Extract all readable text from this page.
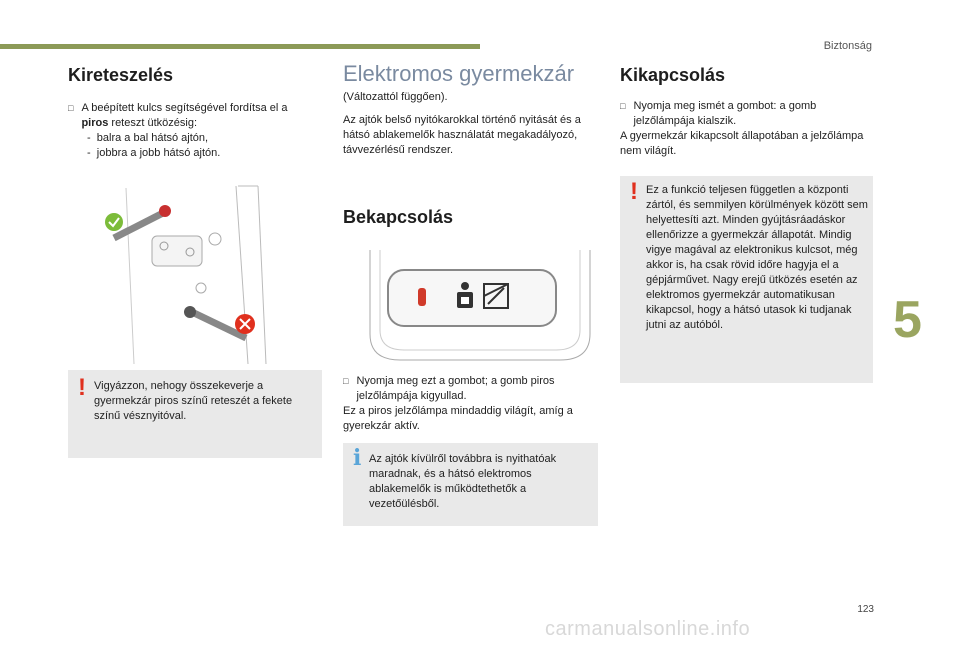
Biztonság
5
123
carmanualsonline.info
Kireteszelés
□ A beépített kulcs segítségével fordítsa el a
piros reteszt ütközésig:

-  balra a bal hátsó ajtón,

-  jobbra a jobb hátsó ajtón.

! Vigyázzon, nehogy összekeverje a gyermekzár piros színű reteszét a fekete színű vésznyitóval.

Elektromos gyermekzár

(Változattól függően).

Az ajtók belső nyitókarokkal történő nyitását és a hátsó ablakemelők használatát megakadályozó, távvezérlésű rendszer.

Bekapcsolás
□ Nyomja meg ezt a gombot; a gomb piros jelzőlámpája kigyullad.

Ez a piros jelzőlámpa mindaddig világít, amíg a gyerekzár aktív.

i Az ajtók kívülről továbbra is nyithatóak maradnak, és a hátsó elektromos ablakemelők is működtethetők a vezetőülésből.

Kikapcsolás
□ Nyomja meg ismét a gombot: a gomb jelzőlámpája kialszik.

A gyermekzár kikapcsolt állapotában a jelzőlámpa nem világít.

! Ez a funkció teljesen független a központi zártól, és semmilyen körülmények között sem helyettesíti azt. Minden gyújtásráadáskor ellenőrizze a gyermekzár állapotát. Mindig vigye magával az elektronikus kulcsot, még akkor is, ha csak rövid időre hagyja el a gépjárművet. Nagy erejű ütközés esetén az elektromos gyermekzár automatikusan kikapcsol, hogy a hátsó utasok ki tudjanak jutni az autóból.
